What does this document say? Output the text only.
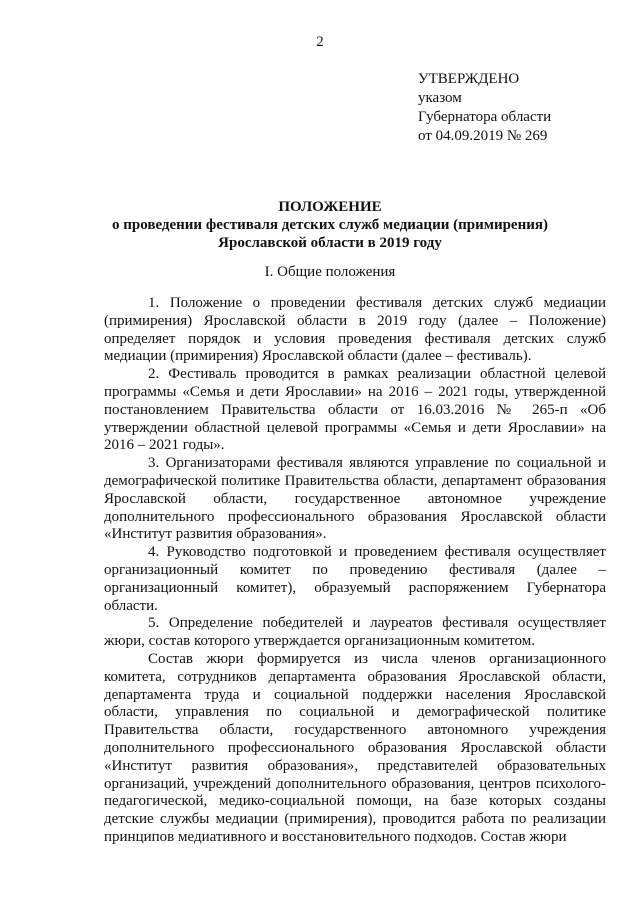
2
УТВЕРЖДЕНО
указом
Губернатора области
от 04.09.2019 № 269
ПОЛОЖЕНИЕ
о проведении фестиваля детских служб медиации (примирения)
Ярославской области в 2019 году
I. Общие положения

1. Положение о проведении фестиваля детских служб медиации (примирения) Ярославской области в 2019 году (далее – Положение) определяет порядок и условия проведения фестиваля детских служб медиации (примирения) Ярославской области (далее – фестиваль).

2. Фестиваль проводится в рамках реализации областной целевой программы «Семья и дети Ярославии» на 2016 – 2021 годы, утвержденной постановлением Правительства области от 16.03.2016 № 265-п «Об утверждении областной целевой программы «Семья и дети Ярославии» на 2016 – 2021 годы».

3. Организаторами фестиваля являются управление по социальной и демографической политике Правительства области, департамент образования Ярославской области, государственное автономное учреждение дополнительного профессионального образования Ярославской области «Институт развития образования».

4. Руководство подготовкой и проведением фестиваля осуществляет организационный комитет по проведению фестиваля (далее – организационный комитет), образуемый распоряжением Губернатора области.

5. Определение победителей и лауреатов фестиваля осуществляет жюри, состав которого утверждается организационным комитетом.

Состав жюри формируется из числа членов организационного комитета, сотрудников департамента образования Ярославской области, департамента труда и социальной поддержки населения Ярославской области, управления по социальной и демографической политике Правительства области, государственного автономного учреждения дополнительного профессионального образования Ярославской области «Институт развития образования», представителей образовательных организаций, учреждений дополнительного образования, центров психолого-педагогической, медико-социальной помощи, на базе которых созданы детские службы медиации (примирения), проводится работа по реализации принципов медиативного и восстановительного подходов. Состав жюри
